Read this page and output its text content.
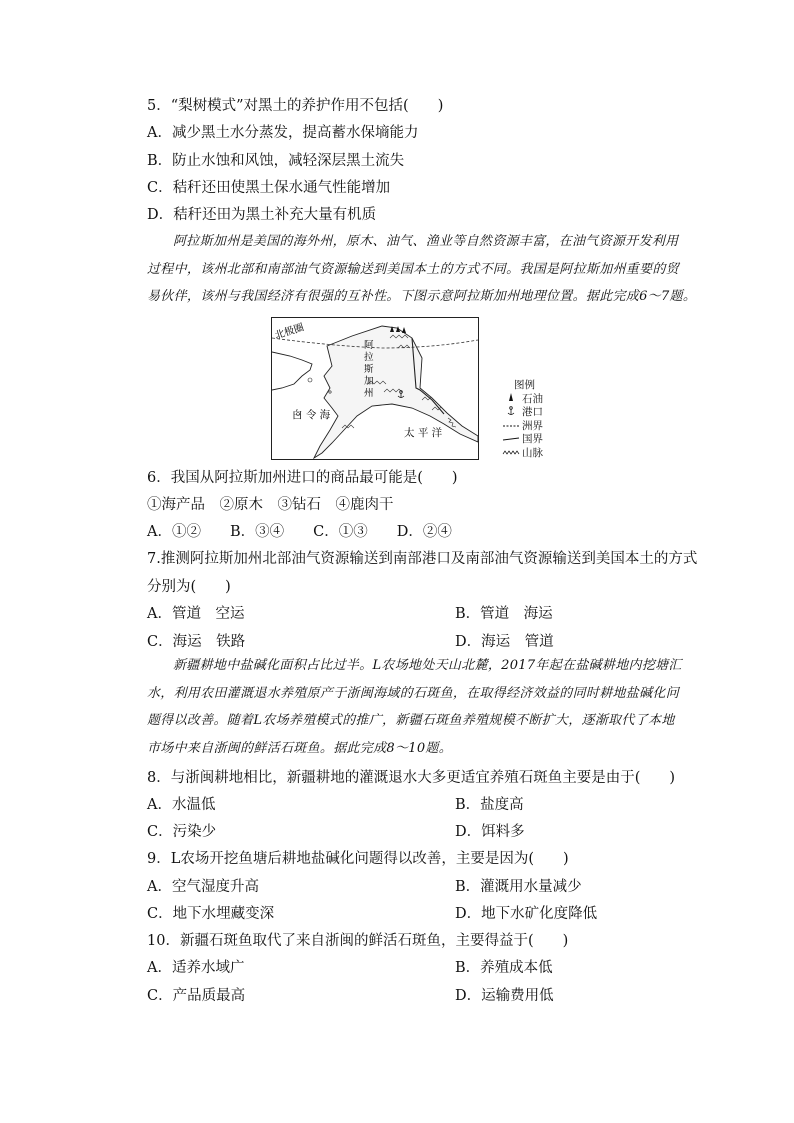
5．“梨树模式”对黑土的养护作用不包括(　　)
A．减少黑土水分蒸发，提高蓄水保墒能力
B．防止水蚀和风蚀，减轻深层黑土流失
C．秸秆还田使黑土保水通气性能增加
D．秸秆还田为黑土补充大量有机质
阿拉斯加州是美国的海外州，原木、油气、渔业等自然资源丰富，在油气资源开发利用
过程中，该州北部和南部油气资源输送到美国本土的方式不同。我国是阿拉斯加州重要的贸
易伙伴，该州与我国经济有很强的互补性。下图示意阿拉斯加州地理位置。据此完成6～7题。
北极圈
阿
拉
斯
加
州
白 令 海
太 平 洋
图例
石油
港口
洲界
国界
山脉
6．我国从阿拉斯加州进口的商品最可能是(　　)
①海产品　②原木　③钻石　④鹿肉干
A．①②　　B．③④　　C．①③　　D．②④
7.推测阿拉斯加州北部油气资源输送到南部港口及南部油气资源输送到美国本土的方式
分别为(　　)
A．管道　空运	B．管道　海运
C．海运　铁路	D．海运　管道
新疆耕地中盐碱化面积占比过半。L农场地处天山北麓，2017年起在盐碱耕地内挖塘汇
水，利用农田灌溉退水养殖原产于浙闽海域的石斑鱼，在取得经济效益的同时耕地盐碱化问
题得以改善。随着L农场养殖模式的推广，新疆石斑鱼养殖规模不断扩大，逐渐取代了本地
市场中来自浙闽的鲜活石斑鱼。据此完成8～10题。
8．与浙闽耕地相比，新疆耕地的灌溉退水大多更适宜养殖石斑鱼主要是由于(　　)
A．水温低	B．盐度高
C．污染少	D．饵料多
9．L农场开挖鱼塘后耕地盐碱化问题得以改善，主要是因为(　　)
A．空气湿度升高	B．灌溉用水量减少
C．地下水埋藏变深	D．地下水矿化度降低
10．新疆石斑鱼取代了来自浙闽的鲜活石斑鱼，主要得益于(　　)
A．适养水域广	B．养殖成本低
C．产品质最高	D．运输费用低
